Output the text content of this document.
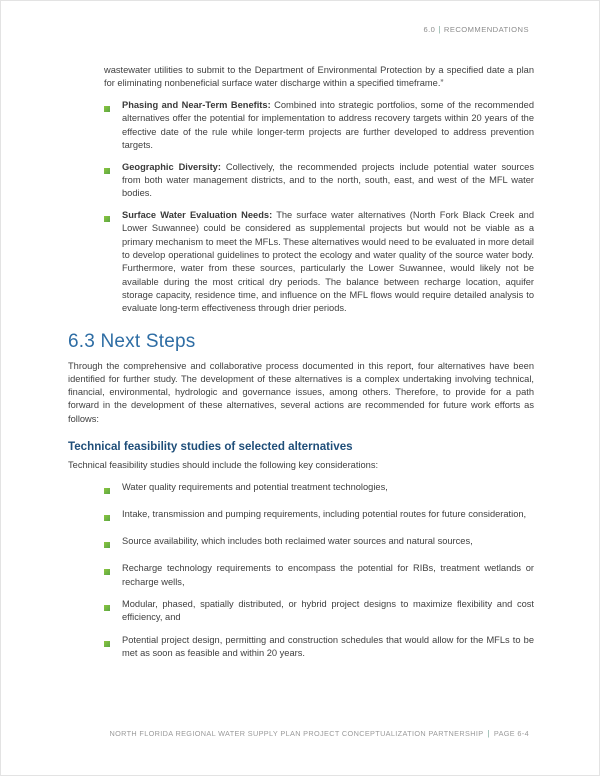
6.0 | RECOMMENDATIONS

wastewater utilities to submit to the Department of Environmental Protection by a specified date a plan for eliminating nonbeneficial surface water discharge within a specified timeframe.”

Phasing and Near-Term Benefits: Combined into strategic portfolios, some of the recommended alternatives offer the potential for implementation to address recovery targets within 20 years of the effective date of the rule while longer-term projects are further developed to address prevention targets.

Geographic Diversity: Collectively, the recommended projects include potential water sources from both water management districts, and to the north, south, east, and west of the MFL water bodies.

Surface Water Evaluation Needs: The surface water alternatives (North Fork Black Creek and Lower Suwannee) could be considered as supplemental projects but would not be viable as a primary mechanism to meet the MFLs. These alternatives would need to be evaluated in more detail to develop operational guidelines to protect the ecology and water quality of the source water body. Furthermore, water from these sources, particularly the Lower Suwannee, would likely not be available during the most critical dry periods. The balance between recharge location, aquifer storage capacity, residence time, and influence on the MFL flows would require detailed analysis to evaluate long-term effectiveness through drier periods.

6.3 Next Steps

Through the comprehensive and collaborative process documented in this report, four alternatives have been identified for further study. The development of these alternatives is a complex undertaking involving technical, financial, environmental, hydrologic and governance issues, among others. Therefore, to provide for a path forward in the development of these alternatives, several actions are recommended for future work efforts as follows:

Technical feasibility studies of selected alternatives

Technical feasibility studies should include the following key considerations:

Water quality requirements and potential treatment technologies,

Intake, transmission and pumping requirements, including potential routes for future consideration,

Source availability, which includes both reclaimed water sources and natural sources,

Recharge technology requirements to encompass the potential for RIBs, treatment wetlands or recharge wells,

Modular, phased, spatially distributed, or hybrid project designs to maximize flexibility and cost efficiency, and

Potential project design, permitting and construction schedules that would allow for the MFLs to be met as soon as feasible and within 20 years.

NORTH FLORIDA REGIONAL WATER SUPPLY PLAN PROJECT CONCEPTUALIZATION PARTNERSHIP | PAGE 6-4
